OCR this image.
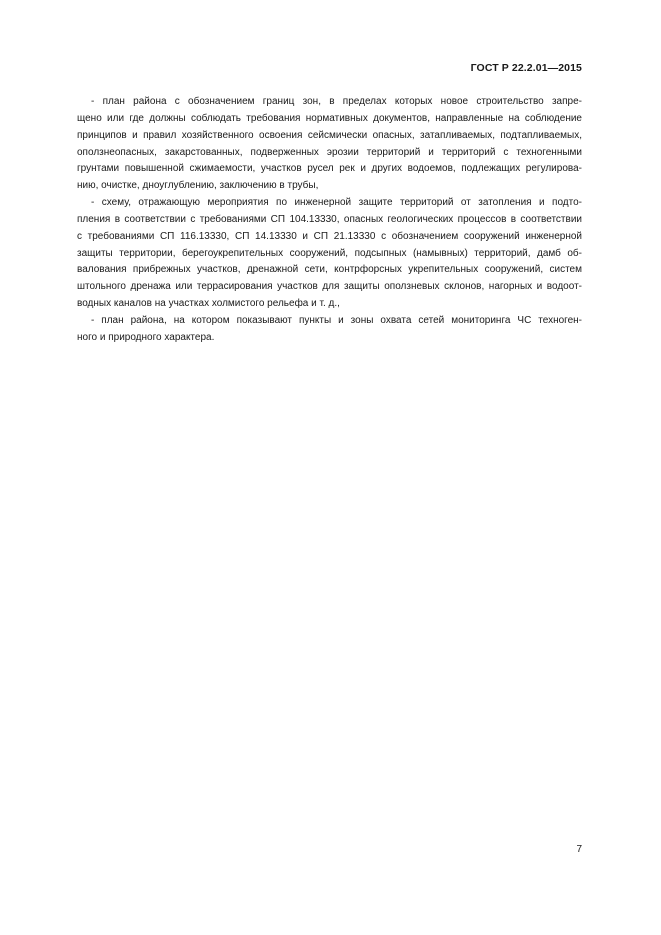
ГОСТ Р 22.2.01—2015

- план района с обозначением границ зон, в пределах которых новое строительство запре-
щено или где должны соблюдать требования нормативных документов, направленные на соблюдение
принципов и правил хозяйственного освоения сейсмически опасных, затапливаемых, подтапливаемых,
оползнеопасных, закарстованных, подверженных эрозии территорий и территорий с техногенными
грунтами повышенной сжимаемости, участков русел рек и других водоемов, подлежащих регулирова-
нию, очистке, дноуглублению, заключению в трубы,

- схему, отражающую мероприятия по инженерной защите территорий от затопления и подто-
пления в соответствии с требованиями СП 104.13330, опасных геологических процессов в соответствии
с требованиями СП 116.13330, СП 14.13330 и СП 21.13330 с обозначением сооружений инженерной
защиты территории, берегоукрепительных сооружений, подсыпных (намывных) территорий, дамб об-
валования прибрежных участков, дренажной сети, контрфорсных укрепительных сооружений, систем
штольного дренажа или террасирования участков для защиты оползневых склонов, нагорных и водоот-
водных каналов на участках холмистого рельефа и т. д.,

- план района, на котором показывают пункты и зоны охвата сетей мониторинга ЧС техноген-
ного и природного характера.

7
